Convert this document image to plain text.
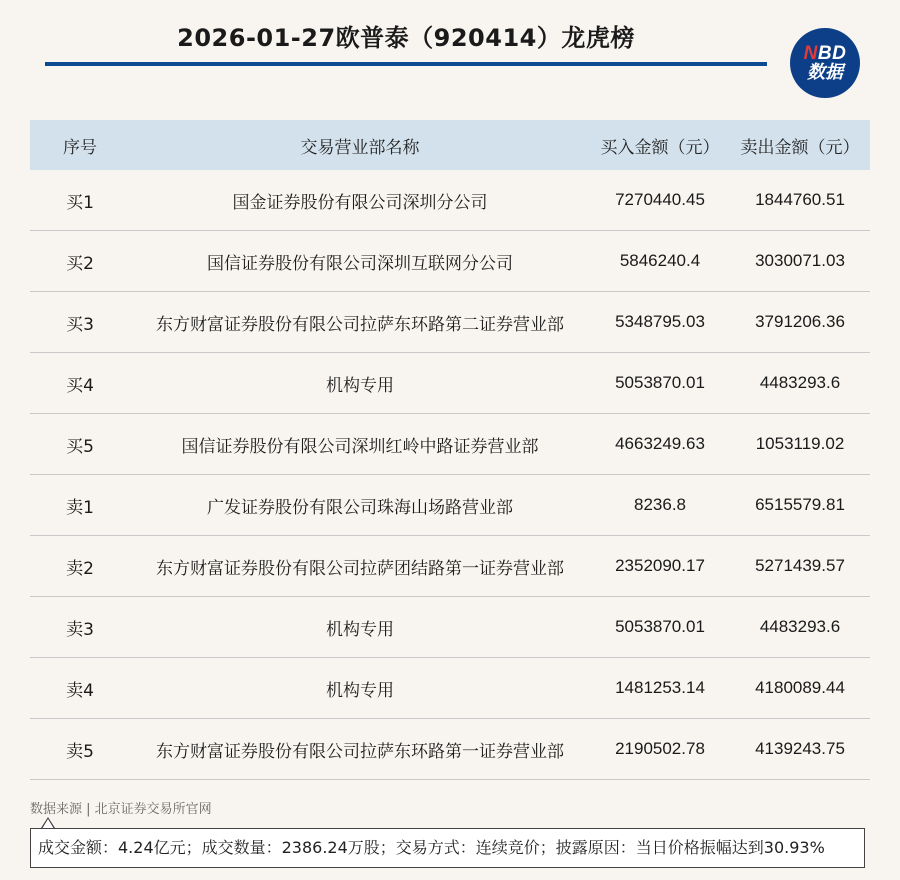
2026-01-27欧普泰（920414）龙虎榜
NBD
数据
序号	交易营业部名称	买入金额（元）	卖出金额（元）
买1	国金证券股份有限公司深圳分公司	7270440.45	1844760.51
买2	国信证券股份有限公司深圳互联网分公司	5846240.4	3030071.03
买3	东方财富证券股份有限公司拉萨东环路第二证券营业部	5348795.03	3791206.36
买4	机构专用	5053870.01	4483293.6
买5	国信证券股份有限公司深圳红岭中路证券营业部	4663249.63	1053119.02
卖1	广发证券股份有限公司珠海山场路营业部	8236.8	6515579.81
卖2	东方财富证券股份有限公司拉萨团结路第一证券营业部	2352090.17	5271439.57
卖3	机构专用	5053870.01	4483293.6
卖4	机构专用	1481253.14	4180089.44
卖5	东方财富证券股份有限公司拉萨东环路第一证券营业部	2190502.78	4139243.75
数据来源 | 北京证券交易所官网
成交金额：4.24亿元；成交数量：2386.24万股；交易方式：连续竞价；披露原因：当日价格振幅达到30.93%
